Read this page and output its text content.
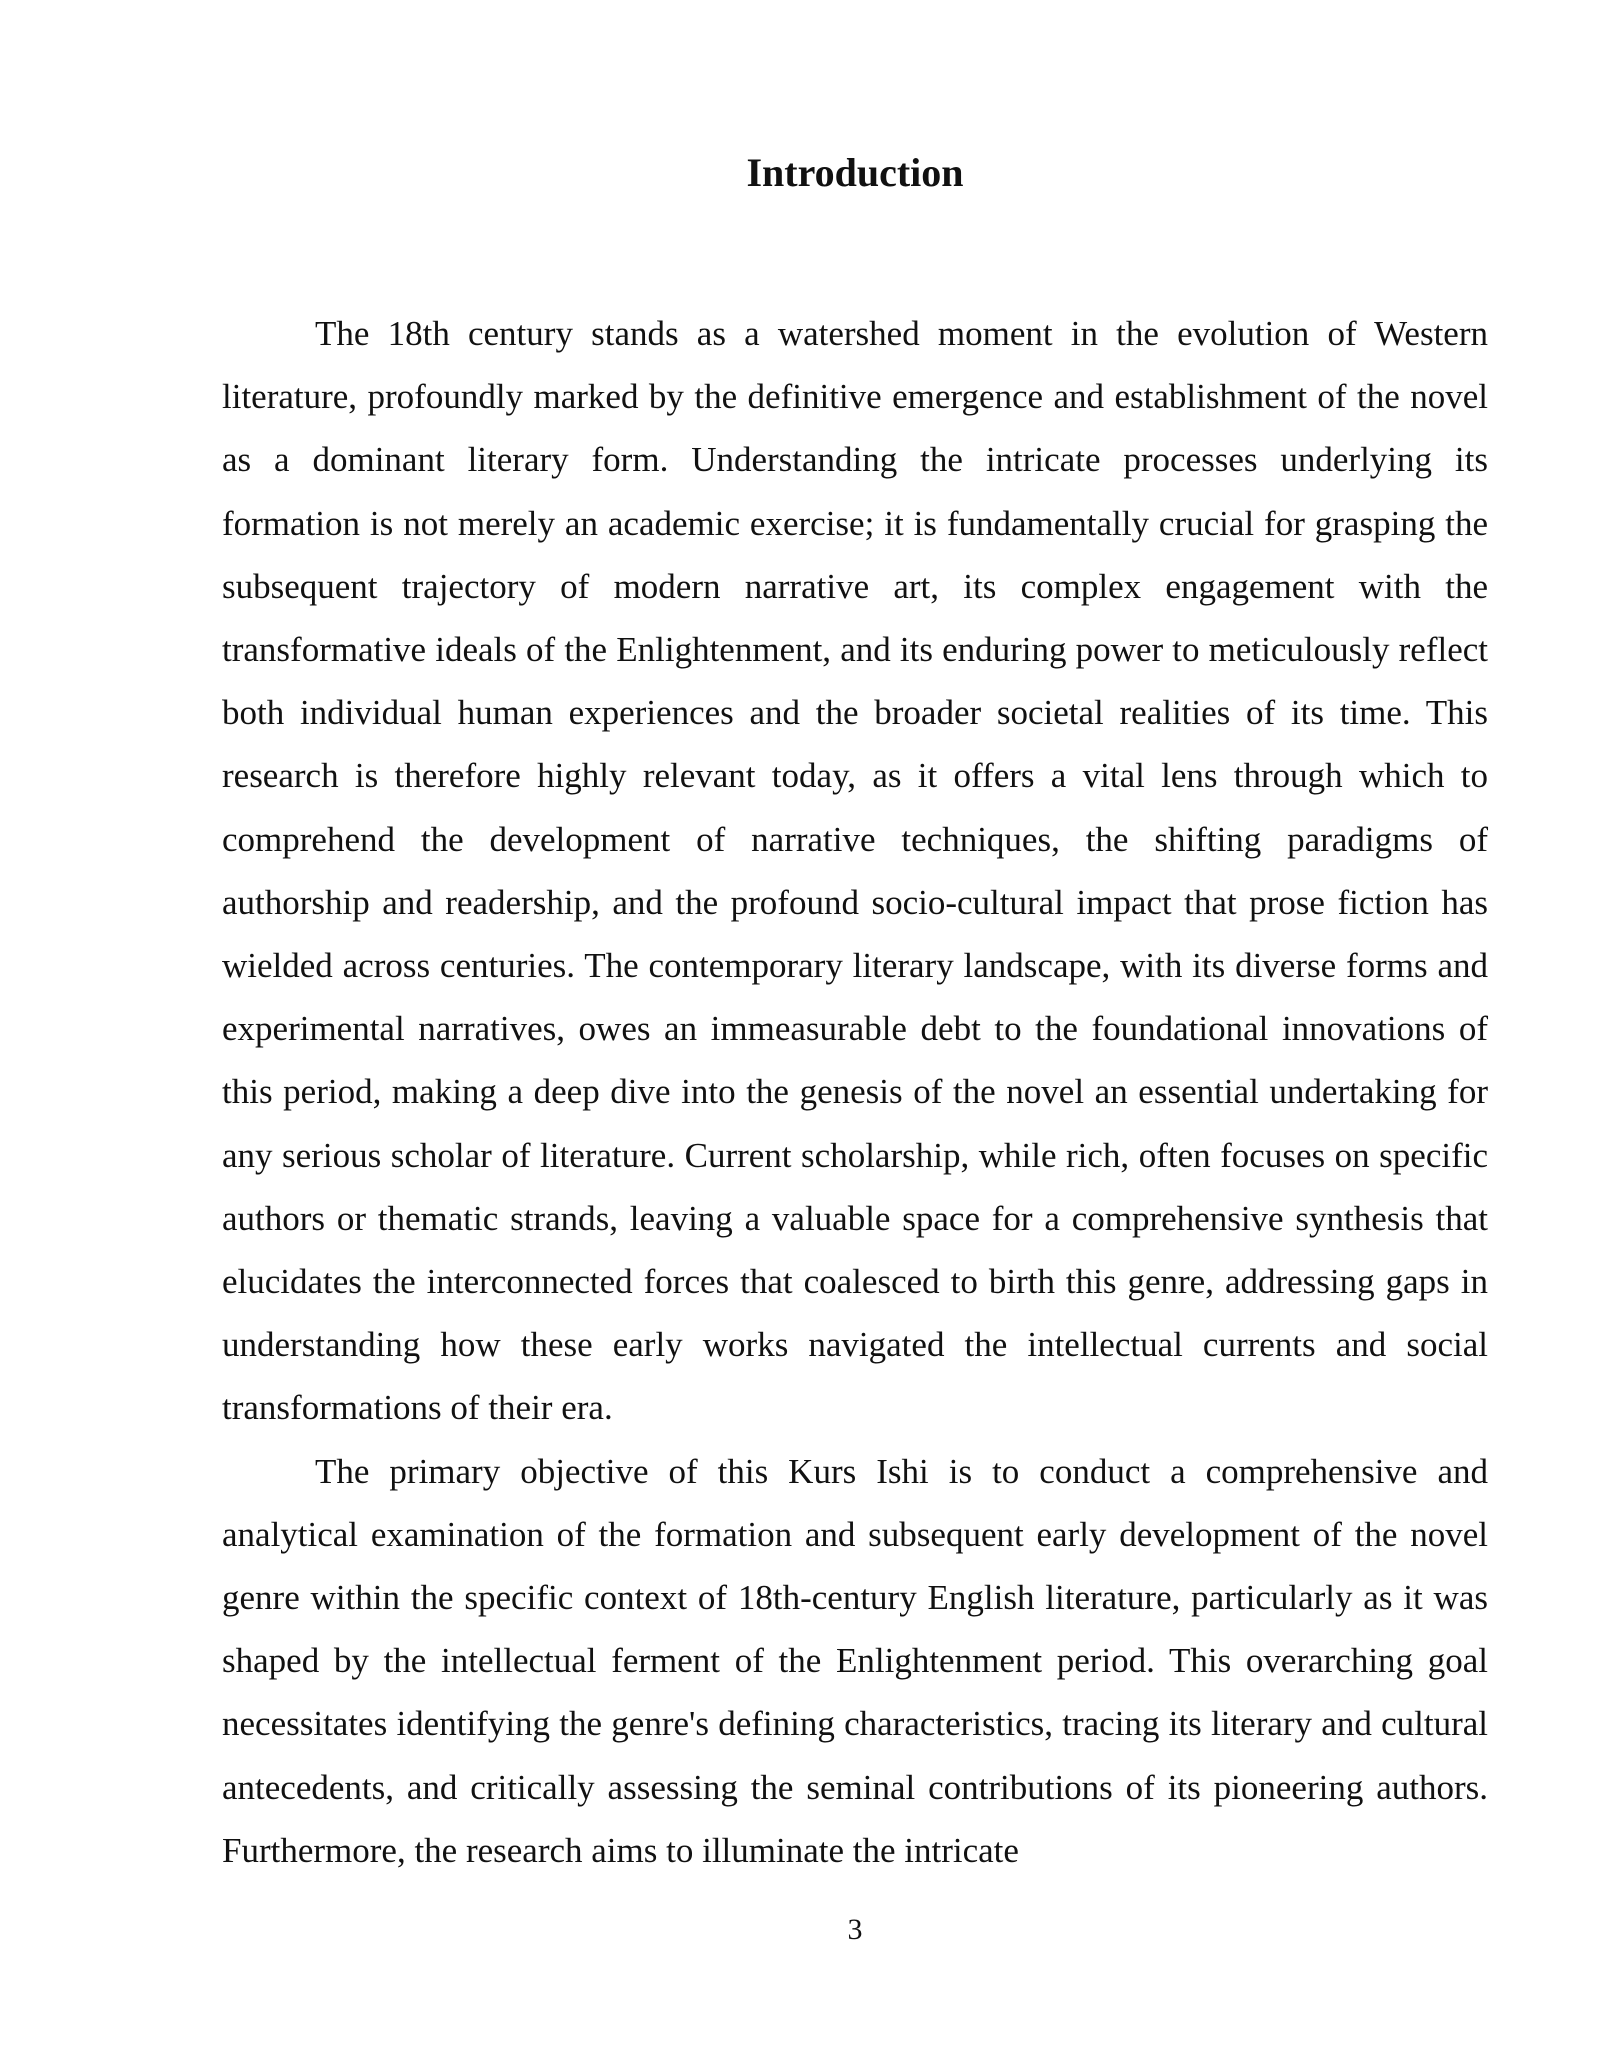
Introduction

The 18th century stands as a watershed moment in the evolution of Western literature, profoundly marked by the definitive emergence and establishment of the novel as a dominant literary form. Understanding the intricate processes underlying its formation is not merely an academic exercise; it is fundamentally crucial for grasping the subsequent trajectory of modern narrative art, its complex engagement with the transformative ideals of the Enlightenment, and its enduring power to meticulously reflect both individual human experiences and the broader societal realities of its time. This research is therefore highly relevant today, as it offers a vital lens through which to comprehend the development of narrative techniques, the shifting paradigms of authorship and readership, and the profound socio-cultural impact that prose fiction has wielded across centuries. The contemporary literary landscape, with its diverse forms and experimental narratives, owes an immeasurable debt to the foundational innovations of this period, making a deep dive into the genesis of the novel an essential undertaking for any serious scholar of literature. Current scholarship, while rich, often focuses on specific authors or thematic strands, leaving a valuable space for a comprehensive synthesis that elucidates the interconnected forces that coalesced to birth this genre, addressing gaps in understanding how these early works navigated the intellectual currents and social transformations of their era.

The primary objective of this Kurs Ishi is to conduct a comprehensive and analytical examination of the formation and subsequent early development of the novel genre within the specific context of 18th-century English literature, particularly as it was shaped by the intellectual ferment of the Enlightenment period. This overarching goal necessitates identifying the genre's defining characteristics, tracing its literary and cultural antecedents, and critically assessing the seminal contributions of its pioneering authors. Furthermore, the research aims to illuminate the intricate

3
